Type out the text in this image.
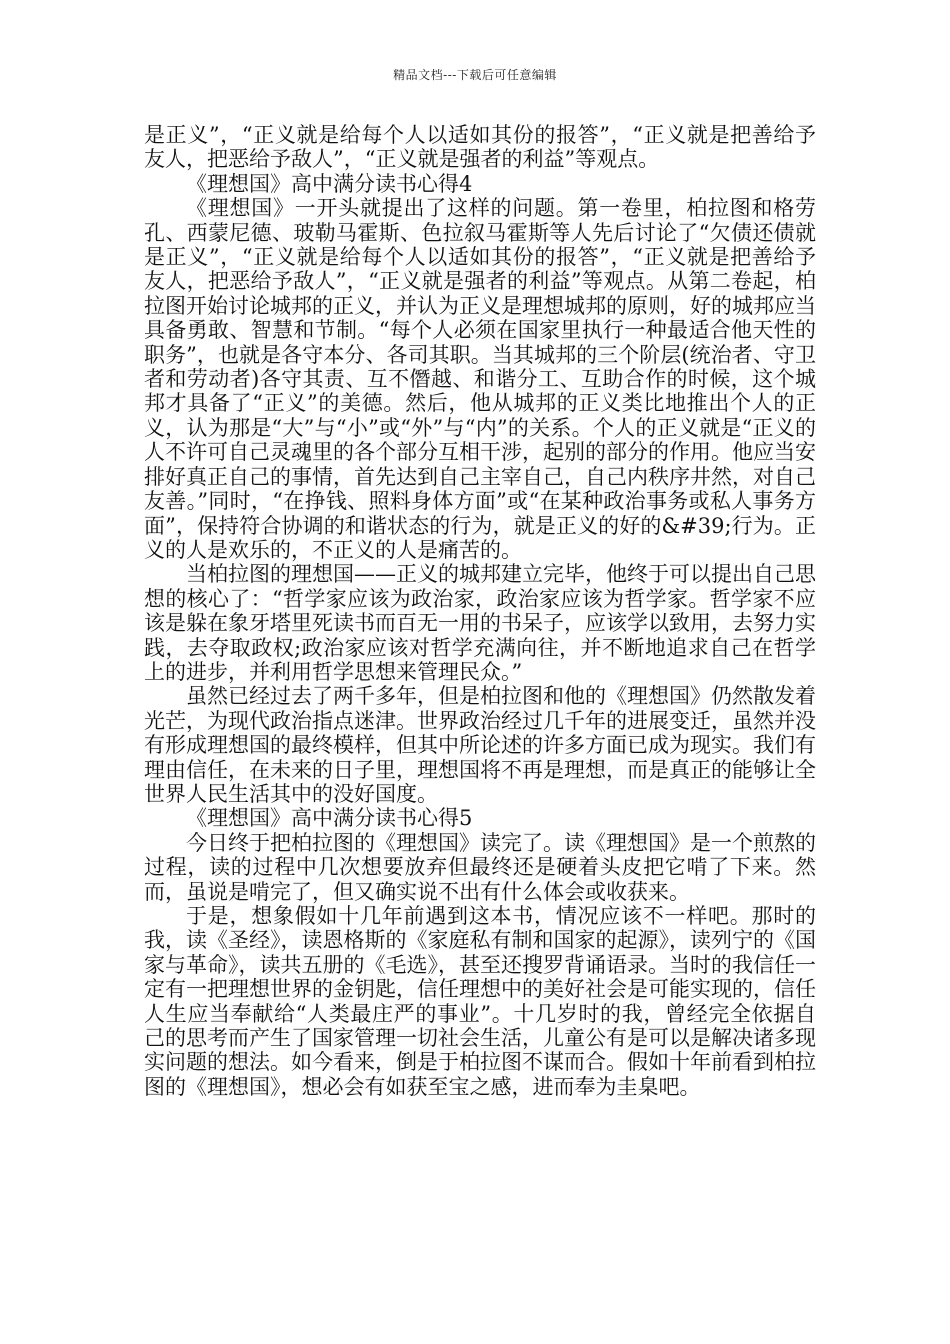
精品文档---下载后可任意编辑

是正义”，“正义就是给每个人以适如其份的报答”，“正义就是把善给予友人，把恶给予敌人”，“正义就是强者的利益”等观点。

《理想国》高中满分读书心得4

《理想国》一开头就提出了这样的问题。第一卷里，柏拉图和格劳孔、西蒙尼德、玻勒马霍斯、色拉叙马霍斯等人先后讨论了“欠债还债就是正义”，“正义就是给每个人以适如其份的报答”，“正义就是把善给予友人，把恶给予敌人”，“正义就是强者的利益”等观点。从第二卷起，柏拉图开始讨论城邦的正义，并认为正义是理想城邦的原则，好的城邦应当具备勇敢、智慧和节制。“每个人必须在国家里执行一种最适合他天性的职务”，也就是各守本分、各司其职。当其城邦的三个阶层(统治者、守卫者和劳动者)各守其责、互不僭越、和谐分工、互助合作的时候，这个城邦才具备了“正义”的美德。然后，他从城邦的正义类比地推出个人的正义，认为那是“大”与“小”或“外”与“内”的关系。个人的正义就是“正义的人不许可自己灵魂里的各个部分互相干涉，起别的部分的作用。他应当安排好真正自己的事情，首先达到自己主宰自己，自己内秩序井然，对自己友善。”同时，“在挣钱、照料身体方面”或“在某种政治事务或私人事务方面”，保持符合协调的和谐状态的行为，就是正义的好的&#39;行为。正义的人是欢乐的，不正义的人是痛苦的。

当柏拉图的理想国——正义的城邦建立完毕，他终于可以提出自己思想的核心了：“哲学家应该为政治家，政治家应该为哲学家。哲学家不应该是躲在象牙塔里死读书而百无一用的书呆子，应该学以致用，去努力实践，去夺取政权;政治家应该对哲学充满向往，并不断地追求自己在哲学上的进步，并利用哲学思想来管理民众。”

虽然已经过去了两千多年，但是柏拉图和他的《理想国》仍然散发着光芒，为现代政治指点迷津。世界政治经过几千年的进展变迁，虽然并没有形成理想国的最终模样，但其中所论述的许多方面已成为现实。我们有理由信任，在未来的日子里，理想国将不再是理想，而是真正的能够让全世界人民生活其中的没好国度。

《理想国》高中满分读书心得5

今日终于把柏拉图的《理想国》读完了。读《理想国》是一个煎熬的过程，读的过程中几次想要放弃但最终还是硬着头皮把它啃了下来。然而，虽说是啃完了，但又确实说不出有什么体会或收获来。

于是，想象假如十几年前遇到这本书，情况应该不一样吧。那时的我，读《圣经》，读恩格斯的《家庭私有制和国家的起源》，读列宁的《国家与革命》，读共五册的《毛选》，甚至还搜罗背诵语录。当时的我信任一定有一把理想世界的金钥匙，信任理想中的美好社会是可能实现的，信任人生应当奉献给“人类最庄严的事业”。十几岁时的我，曾经完全依据自己的思考而产生了国家管理一切社会生活，儿童公有是可以是解决诸多现实问题的想法。如今看来，倒是于柏拉图不谋而合。假如十年前看到柏拉图的《理想国》，想必会有如获至宝之感，进而奉为圭臬吧。
